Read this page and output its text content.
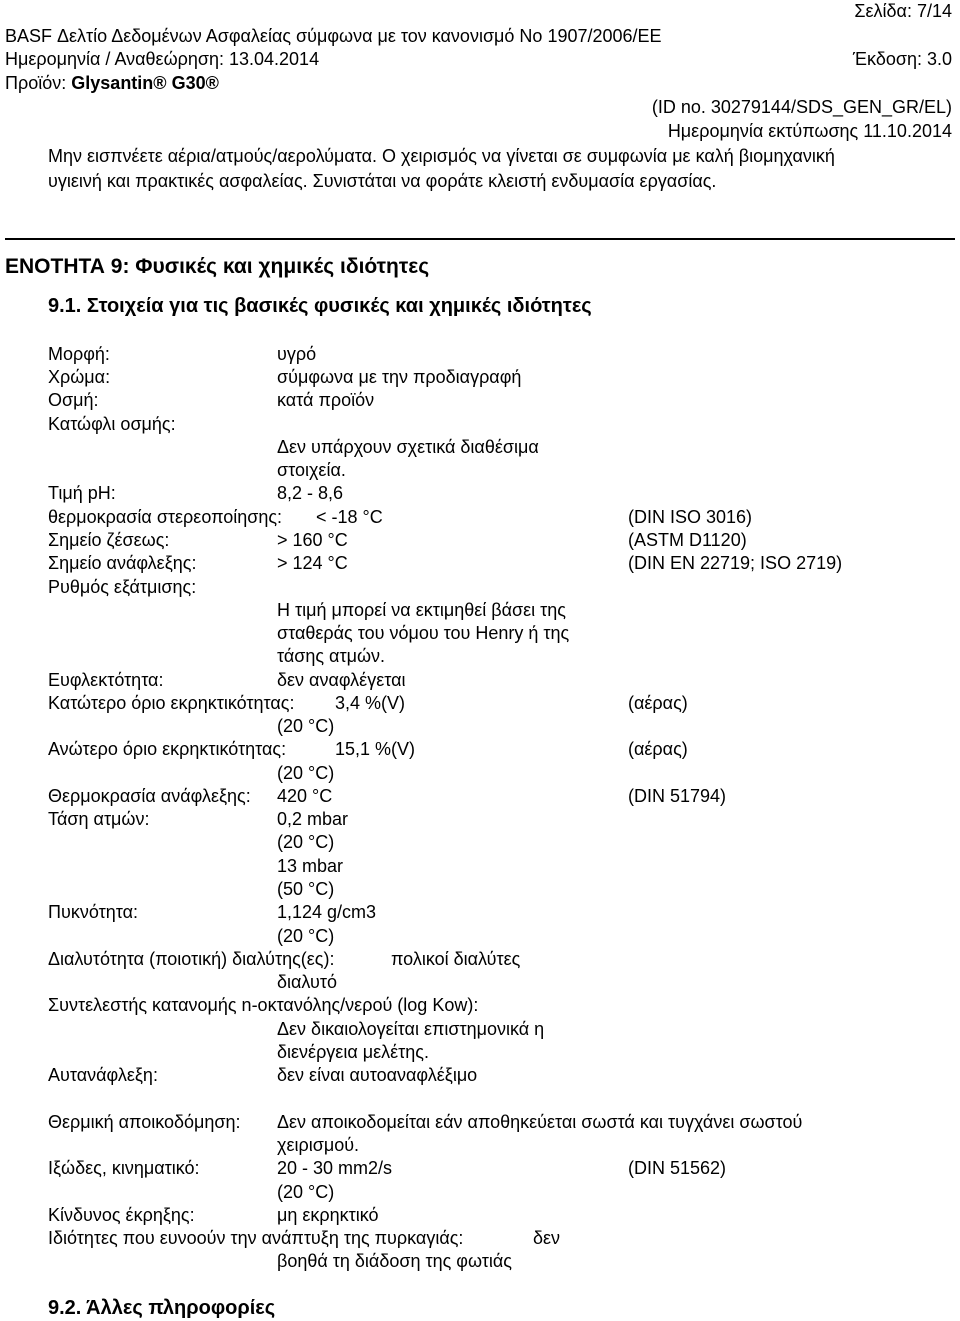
Σελίδα: 7/14
BASF Δελτίο Δεδομένων Ασφαλείας σύμφωνα με τον κανονισμό No 1907/2006/ΕΕ
Ημερομηνία / Αναθεώρηση: 13.04.2014	Έκδοση: 3.0
Προϊόν: Glysantin® G30®
(ID no. 30279144/SDS_GEN_GR/EL)
Ημερομηνία εκτύπωσης 11.10.2014
Μην εισπνέετε αέρια/ατμούς/αερολύματα. Ο χειρισμός να γίνεται σε συμφωνία με καλή βιομηχανική
υγιεινή και πρακτικές ασφαλείας. Συνιστάται να φοράτε κλειστή ενδυμασία εργασίας.
ΕΝΟΤΗΤΑ 9: Φυσικές και χημικές ιδιότητες
9.1. Στοιχεία για τις βασικές φυσικές και χημικές ιδιότητες
Μορφή:	υγρό
Χρώμα:	σύμφωνα με την προδιαγραφή
Οσμή:	κατά προϊόν
Κατώφλι οσμής:
Δεν υπάρχουν σχετικά διαθέσιμα
στοιχεία.
Τιμή pH:	8,2 - 8,6
θερμοκρασία στερεοποίησης: < -18 °C	(DIN ISO 3016)
Σημείο ζέσεως:	> 160 °C	(ASTM D1120)
Σημείο ανάφλεξης:	> 124 °C	(DIN EN 22719; ISO 2719)
Ρυθμός εξάτμισης:
Η τιμή μπορεί να εκτιμηθεί βάσει της
σταθεράς του νόμου του Henry ή της
τάσης ατμών.
Ευφλεκτότητα:	δεν αναφλέγεται
Κατώτερο όριο εκρηκτικότητας: 3,4 %(V)	(αέρας)
(20 °C)
Ανώτερο όριο εκρηκτικότητας:	15,1 %(V)	(αέρας)
(20 °C)
Θερμοκρασία ανάφλεξης: 420 °C	(DIN 51794)
Τάση ατμών:	0,2 mbar
(20 °C)
13 mbar
(50 °C)
Πυκνότητα:	1,124 g/cm3
(20 °C)
Διαλυτότητα (ποιοτική) διαλύτης(ες):	πολικοί διαλύτες
διαλυτό
Συντελεστής κατανομής n-οκτανόλης/νερού (log Kow):
Δεν δικαιολογείται επιστημονικά η
διενέργεια μελέτης.
Αυτανάφλεξη:	δεν είναι αυτοαναφλέξιμο
Θερμική αποικοδόμηση: Δεν αποικοδομείται εάν αποθηκεύεται σωστά και τυγχάνει σωστού
χειρισμού.
Ιξώδες, κινηματικό:	20 - 30 mm2/s	(DIN 51562)
(20 °C)
Κίνδυνος έκρηξης:	μη εκρηκτικό
Ιδιότητες που ευνοούν την ανάπτυξη της πυρκαγιάς:	δεν
βοηθά τη διάδοση της φωτιάς
9.2. Άλλες πληροφορίες
